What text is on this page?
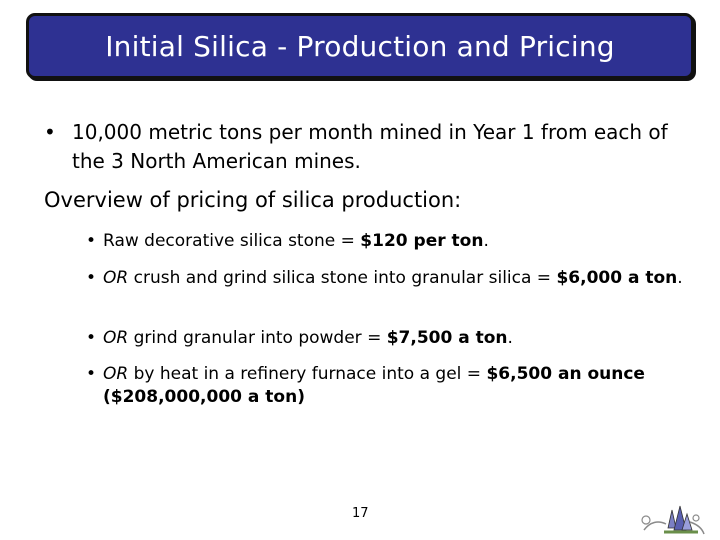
Initial Silica - Production and Pricing
• 10,000 metric tons per month mined in Year 1 from each of the 3 North American mines.
Overview of pricing of silica production:
• Raw decorative silica stone = $120 per ton.
• OR crush and grind silica stone into granular silica = $6,000 a ton.
• OR grind granular into powder = $7,500 a ton.
• OR by heat in a refinery furnace into a gel = $6,500 an ounce ($208,000,000 a ton)
17
